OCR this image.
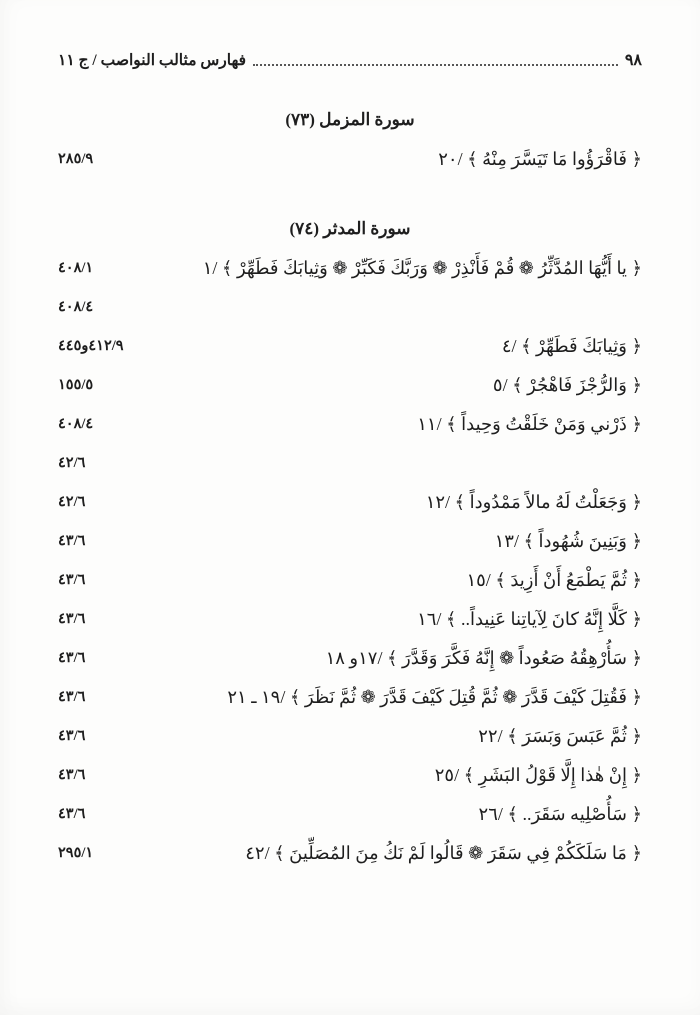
٩٨
فهارس مثالب النواصب / ج ١١
سورة المزمل (٧٣)
﴿ فَاقْرَؤُوا مَا تَيَسَّرَ مِنْهُ ﴾ /٢٠
٢٨٥/٩
سورة المدثر (٧٤)
﴿ يا أَيُّهَا المُدَّثِّرُ ❁ قُمْ فَأَنْذِرْ ❁ وَرَبَّكَ فَكَبِّرْ ❁ وَثِيابَكَ فَطَهِّرْ ﴾ /١
٤٠٨/١
٤٠٨/٤
﴿ وَثِيابَكَ فَطَهِّرْ ﴾ /٤
٤١٢/٩و٤٤٥
﴿ وَالرُّجْزَ فَاهْجُرْ ﴾ /٥
١٥٥/٥
﴿ ذَرْني وَمَنْ خَلَقْتُ وَحِيداً ﴾ /١١
٤٠٨/٤
٤٢/٦
﴿ وَجَعَلْتُ لَهُ مالاً مَمْدُوداً ﴾ /١٢
٤٢/٦
﴿ وَبَنِينَ شُهُوداً ﴾ /١٣
٤٣/٦
﴿ ثُمَّ يَطْمَعُ أَنْ أَزِيدَ ﴾ /١٥
٤٣/٦
﴿ كَلَّا إِنَّهُ كانَ لِآياتِنا عَنِيداً.. ﴾ /١٦
٤٣/٦
﴿ سَأُرْهِقُهُ صَعُوداً ❁ إِنَّهُ فَكَّرَ وَقَدَّرَ ﴾ /١٧و ١٨
٤٣/٦
﴿ فَقُتِلَ كَيْفَ قَدَّرَ ❁ ثُمَّ قُتِلَ كَيْفَ قَدَّرَ ❁ ثُمَّ نَظَرَ ﴾ /١٩ ـ ٢١
٤٣/٦
﴿ ثُمَّ عَبَسَ وَبَسَرَ ﴾ /٢٢
٤٣/٦
﴿ إِنْ هٰذا إِلَّا قَوْلُ البَشَرِ ﴾ /٢٥
٤٣/٦
﴿ سَأُصْلِيه سَقَرَ.. ﴾ /٢٦
٤٣/٦
﴿ مَا سَلَكَكُمْ فِي سَقَرَ ❁ قَالُوا لَمْ نَكُ مِنَ المُصَلِّينَ ﴾ /٤٢
٢٩٥/١
